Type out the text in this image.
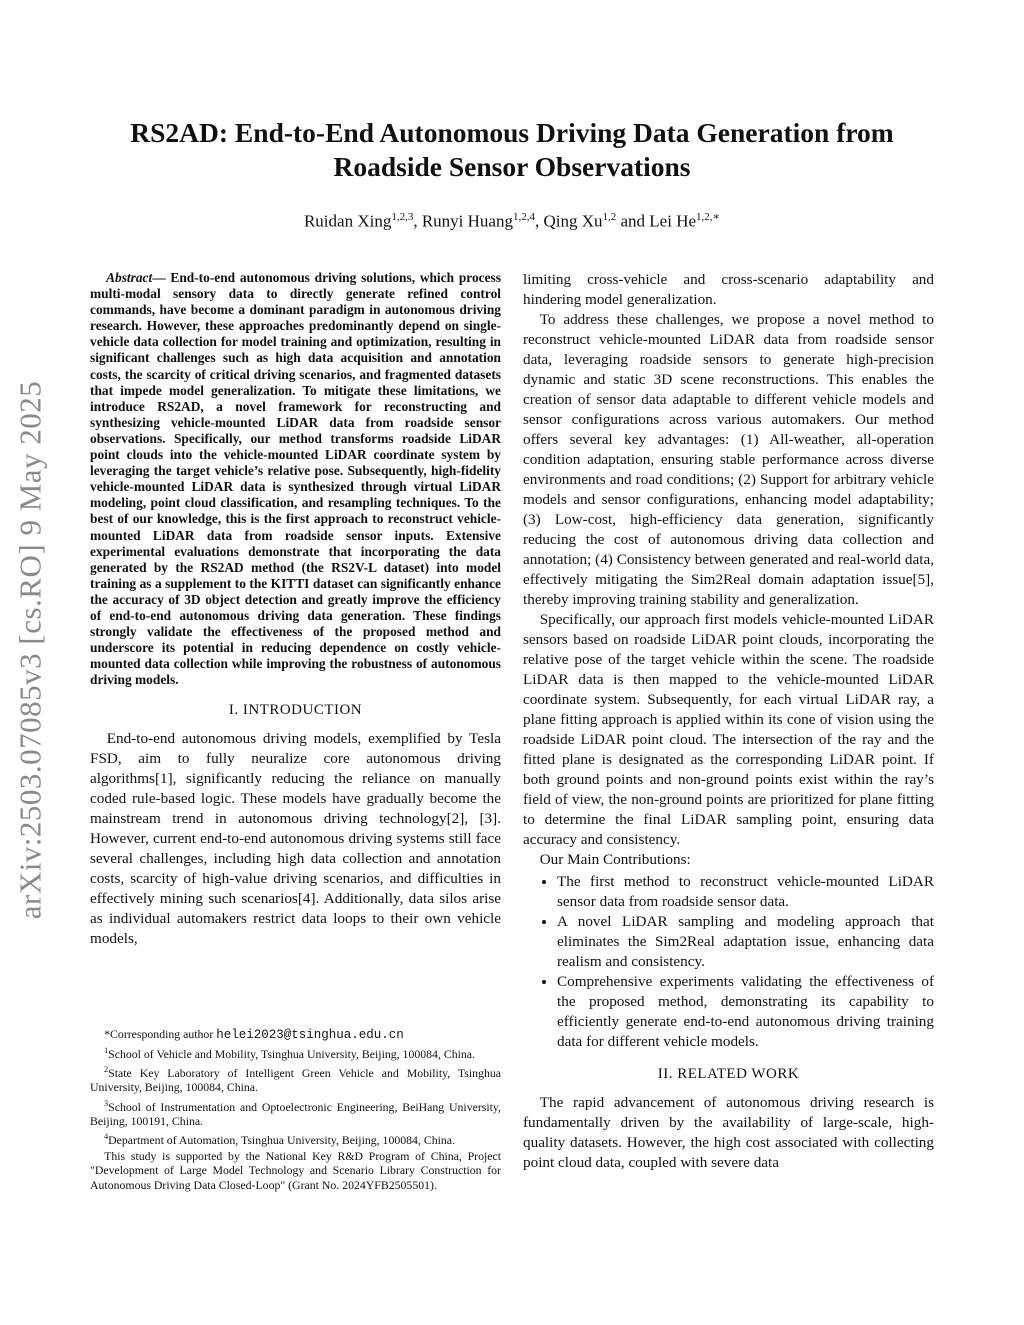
arXiv:2503.07085v3 [cs.RO] 9 May 2025
RS2AD: End-to-End Autonomous Driving Data Generation from
Roadside Sensor Observations
Ruidan Xing$^{1,2,3}$, Runyi Huang$^{1,2,4}$, Qing Xu$^{1,2}$ and Lei $He^{1,2,∗}$

Abstract— End-to-end autonomous driving solutions, which process multi-modal sensory data to directly generate refined control commands, have become a dominant paradigm in autonomous driving research. However, these approaches predominantly depend on single-vehicle data collection for model training and optimization, resulting in significant challenges such as high data acquisition and annotation costs, the scarcity of critical driving scenarios, and fragmented datasets that impede model generalization. To mitigate these limitations, we introduce RS2AD, a novel framework for reconstructing and synthesizing vehicle-mounted LiDAR data from roadside sensor observations. Specifically, our method transforms roadside LiDAR point clouds into the vehicle-mounted LiDAR coordinate system by leveraging the target vehicle’s relative pose. Subsequently, high-fidelity vehicle-mounted LiDAR data is synthesized through virtual LiDAR modeling, point cloud classification, and resampling techniques. To the best of our knowledge, this is the first approach to reconstruct vehicle-mounted LiDAR data from roadside sensor inputs. Extensive experimental evaluations demonstrate that incorporating the data generated by the RS2AD method (the RS2V-L dataset) into model training as a supplement to the KITTI dataset can significantly enhance the accuracy of 3D object detection and greatly improve the efficiency of end-to-end autonomous driving data generation. These findings strongly validate the effectiveness of the proposed method and underscore its potential in reducing dependence on costly vehicle-mounted data collection while improving the robustness of autonomous driving models.

I. INTRODUCTION

End-to-end autonomous driving models, exemplified by Tesla FSD, aim to fully neuralize core autonomous driving algorithms[1], significantly reducing the reliance on manually coded rule-based logic. These models have gradually become the mainstream trend in autonomous driving technology[2], [3]. However, current end-to-end autonomous driving systems still face several challenges, including high data collection and annotation costs, scarcity of high-value driving scenarios, and difficulties in effectively mining such scenarios[4]. Additionally, data silos arise as individual automakers restrict data loops to their own vehicle models,

*Corresponding author helei2023@tsinghua.edu.cn

$^1$School of Vehicle and Mobility, Tsinghua University, Beijing, 100084, China.

$^2$State Key Laboratory of Intelligent Green Vehicle and Mobility, Tsinghua University, Beijing, 100084, China.

$^3$School of Instrumentation and Optoelectronic Engineering, BeiHang University, Beijing, 100191, China.

$^4$Department of Automation, Tsinghua University, Beijing, 100084, China.

This study is supported by the National Key R&D Program of China, Project "Development of Large Model Technology and Scenario Library Construction for Autonomous Driving Data Closed-Loop" (Grant No. 2024YFB2505501).

limiting cross-vehicle and cross-scenario adaptability and hindering model generalization.

To address these challenges, we propose a novel method to reconstruct vehicle-mounted LiDAR data from roadside sensor data, leveraging roadside sensors to generate high-precision dynamic and static 3D scene reconstructions. This enables the creation of sensor data adaptable to different vehicle models and sensor configurations across various automakers. Our method offers several key advantages: (1) All-weather, all-operation condition adaptation, ensuring stable performance across diverse environments and road conditions; (2) Support for arbitrary vehicle models and sensor configurations, enhancing model adaptability; (3) Low-cost, high-efficiency data generation, significantly reducing the cost of autonomous driving data collection and annotation; (4) Consistency between generated and real-world data, effectively mitigating the Sim2Real domain adaptation issue[5], thereby improving training stability and generalization.

Specifically, our approach first models vehicle-mounted LiDAR sensors based on roadside LiDAR point clouds, incorporating the relative pose of the target vehicle within the scene. The roadside LiDAR data is then mapped to the vehicle-mounted LiDAR coordinate system. Subsequently, for each virtual LiDAR ray, a plane fitting approach is applied within its cone of vision using the roadside LiDAR point cloud. The intersection of the ray and the fitted plane is designated as the corresponding LiDAR point. If both ground points and non-ground points exist within the ray’s field of view, the non-ground points are prioritized for plane fitting to determine the final LiDAR sampling point, ensuring data accuracy and consistency.

Our Main Contributions:

• The first method to reconstruct vehicle-mounted LiDAR sensor data from roadside sensor data.
• A novel LiDAR sampling and modeling approach that eliminates the Sim2Real adaptation issue, enhancing data realism and consistency.
• Comprehensive experiments validating the effectiveness of the proposed method, demonstrating its capability to efficiently generate end-to-end autonomous driving training data for different vehicle models.
II. RELATED WORK

The rapid advancement of autonomous driving research is fundamentally driven by the availability of large-scale, high-quality datasets. However, the high cost associated with collecting point cloud data, coupled with severe data
